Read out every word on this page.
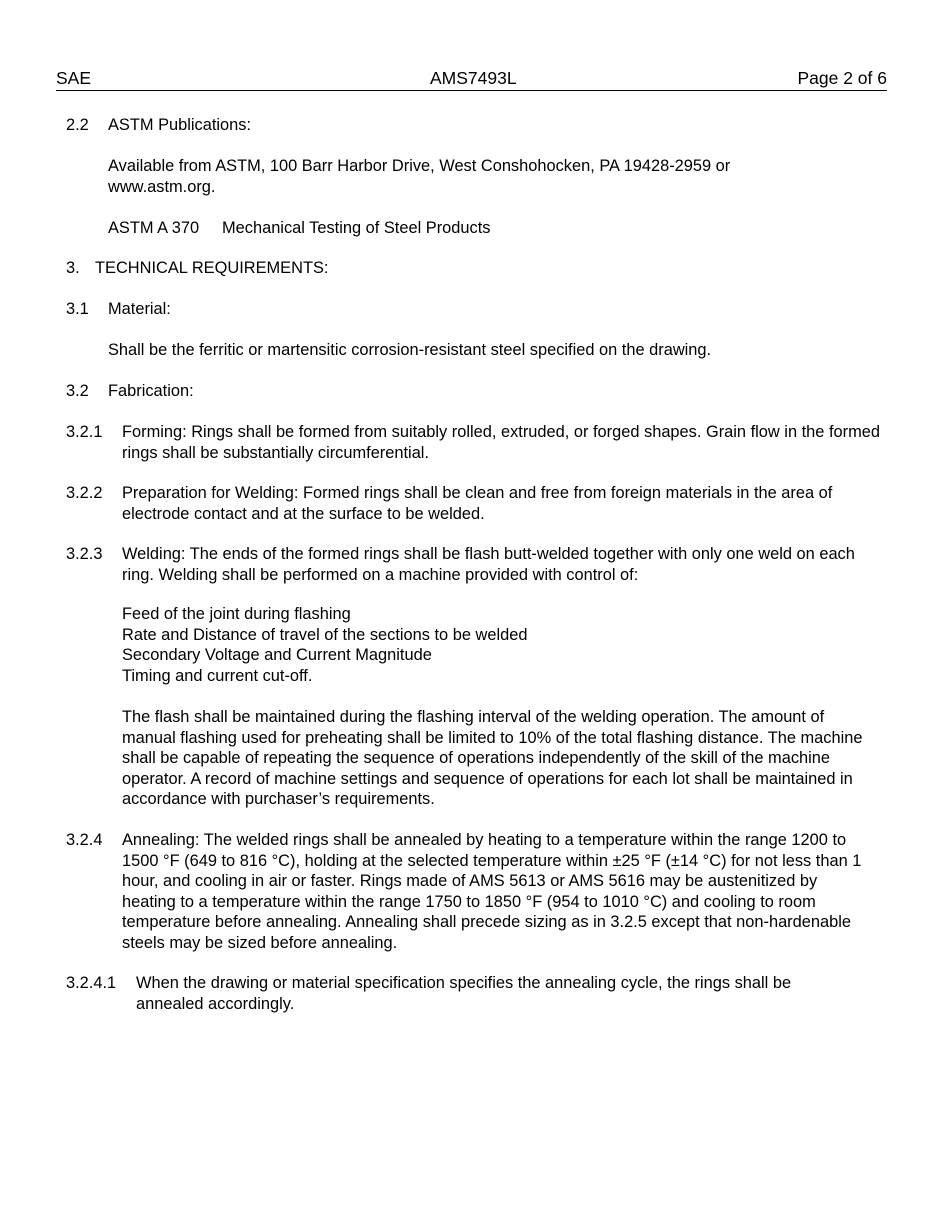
SAE	AMS7493L	Page 2 of 6
2.2 ASTM Publications:
Available from ASTM, 100 Barr Harbor Drive, West Conshohocken, PA 19428-2959 or www.astm.org.
ASTM A 370 Mechanical Testing of Steel Products
3. TECHNICAL REQUIREMENTS:
3.1 Material:
Shall be the ferritic or martensitic corrosion-resistant steel specified on the drawing.
3.2 Fabrication:
3.2.1 Forming: Rings shall be formed from suitably rolled, extruded, or forged shapes. Grain flow in the formed rings shall be substantially circumferential.
3.2.2 Preparation for Welding: Formed rings shall be clean and free from foreign materials in the area of electrode contact and at the surface to be welded.
3.2.3 Welding: The ends of the formed rings shall be flash butt-welded together with only one weld on each ring. Welding shall be performed on a machine provided with control of:
Feed of the joint during flashing
Rate and Distance of travel of the sections to be welded
Secondary Voltage and Current Magnitude
Timing and current cut-off.
The flash shall be maintained during the flashing interval of the welding operation. The amount of manual flashing used for preheating shall be limited to 10% of the total flashing distance. The machine shall be capable of repeating the sequence of operations independently of the skill of the machine operator. A record of machine settings and sequence of operations for each lot shall be maintained in accordance with purchaser’s requirements.
3.2.4 Annealing: The welded rings shall be annealed by heating to a temperature within the range 1200 to 1500 °F (649 to 816 °C), holding at the selected temperature within ±25 °F (±14 °C) for not less than 1 hour, and cooling in air or faster. Rings made of AMS 5613 or AMS 5616 may be austenitized by heating to a temperature within the range 1750 to 1850 °F (954 to 1010 °C) and cooling to room temperature before annealing. Annealing shall precede sizing as in 3.2.5 except that non-hardenable steels may be sized before annealing.
3.2.4.1 When the drawing or material specification specifies the annealing cycle, the rings shall be annealed accordingly.
